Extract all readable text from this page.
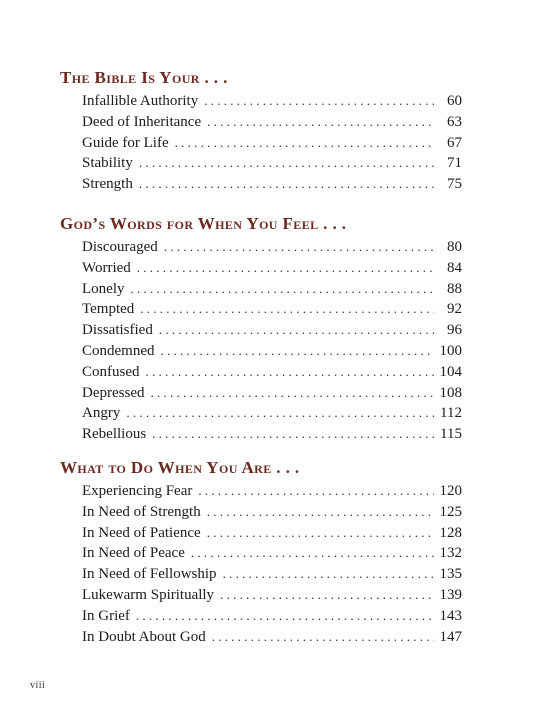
The Bible Is Your . . .
Infallible Authority . . .	60
Deed of Inheritance . . .	63
Guide for Life . . .	67
Stability . . .	71
Strength . . .	75
God’s Words for When You Feel . . .
Discouraged . . .	80
Worried . . .	84
Lonely . . .	88
Tempted . . .	92
Dissatisfied . . .	96
Condemned . . .	100
Confused . . .	104
Depressed . . .	108
Angry . . .	112
Rebellious . . .	115
What to Do When You Are . . .
Experiencing Fear . . .	120
In Need of Strength . . .	125
In Need of Patience . . .	128
In Need of Peace . . .	132
In Need of Fellowship . . .	135
Lukewarm Spiritually . . .	139
In Grief . . .	143
In Doubt About God . . .	147
viii
